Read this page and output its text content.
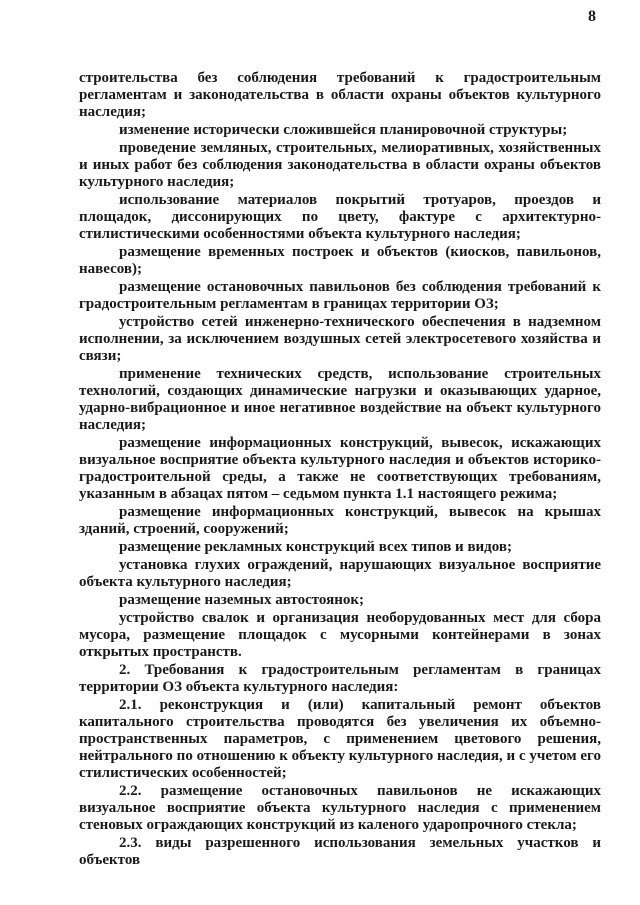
8

строительства без соблюдения требований к градостроительным регламентам и законодательства в области охраны объектов культурного наследия;

изменение исторически сложившейся планировочной структуры;

проведение земляных, строительных, мелиоративных, хозяйственных и иных работ без соблюдения законодательства в области охраны объектов культурного наследия;

использование материалов покрытий тротуаров, проездов и площадок, диссонирующих по цвету, фактуре с архитектурно-стилистическими особенностями объекта культурного наследия;

размещение временных построек и объектов (киосков, павильонов, навесов);

размещение остановочных павильонов без соблюдения требований к градостроительным регламентам в границах территории ОЗ;

устройство сетей инженерно-технического обеспечения в надземном исполнении, за исключением воздушных сетей электросетевого хозяйства и связи;

применение технических средств, использование строительных технологий, создающих динамические нагрузки и оказывающих ударное, ударно-вибрационное и иное негативное воздействие на объект культурного наследия;

размещение информационных конструкций, вывесок, искажающих визуальное восприятие объекта культурного наследия и объектов историко-градостроительной среды, а также не соответствующих требованиям, указанным в абзацах пятом – седьмом пункта 1.1 настоящего режима;

размещение информационных конструкций, вывесок на крышах зданий, строений, сооружений;

размещение рекламных конструкций всех типов и видов;

установка глухих ограждений, нарушающих визуальное восприятие объекта культурного наследия;

размещение наземных автостоянок;

устройство свалок и организация необорудованных мест для сбора мусора, размещение площадок с мусорными контейнерами в зонах открытых пространств.

2. Требования к градостроительным регламентам в границах территории ОЗ объекта культурного наследия:

2.1. реконструкция и (или) капитальный ремонт объектов капитального строительства проводятся без увеличения их объемно-пространственных параметров, с применением цветового решения, нейтрального по отношению к объекту культурного наследия, и с учетом его стилистических особенностей;

2.2. размещение остановочных павильонов не искажающих визуальное восприятие объекта культурного наследия с применением стеновых ограждающих конструкций из каленого ударопрочного стекла;

2.3. виды разрешенного использования земельных участков и объектов
